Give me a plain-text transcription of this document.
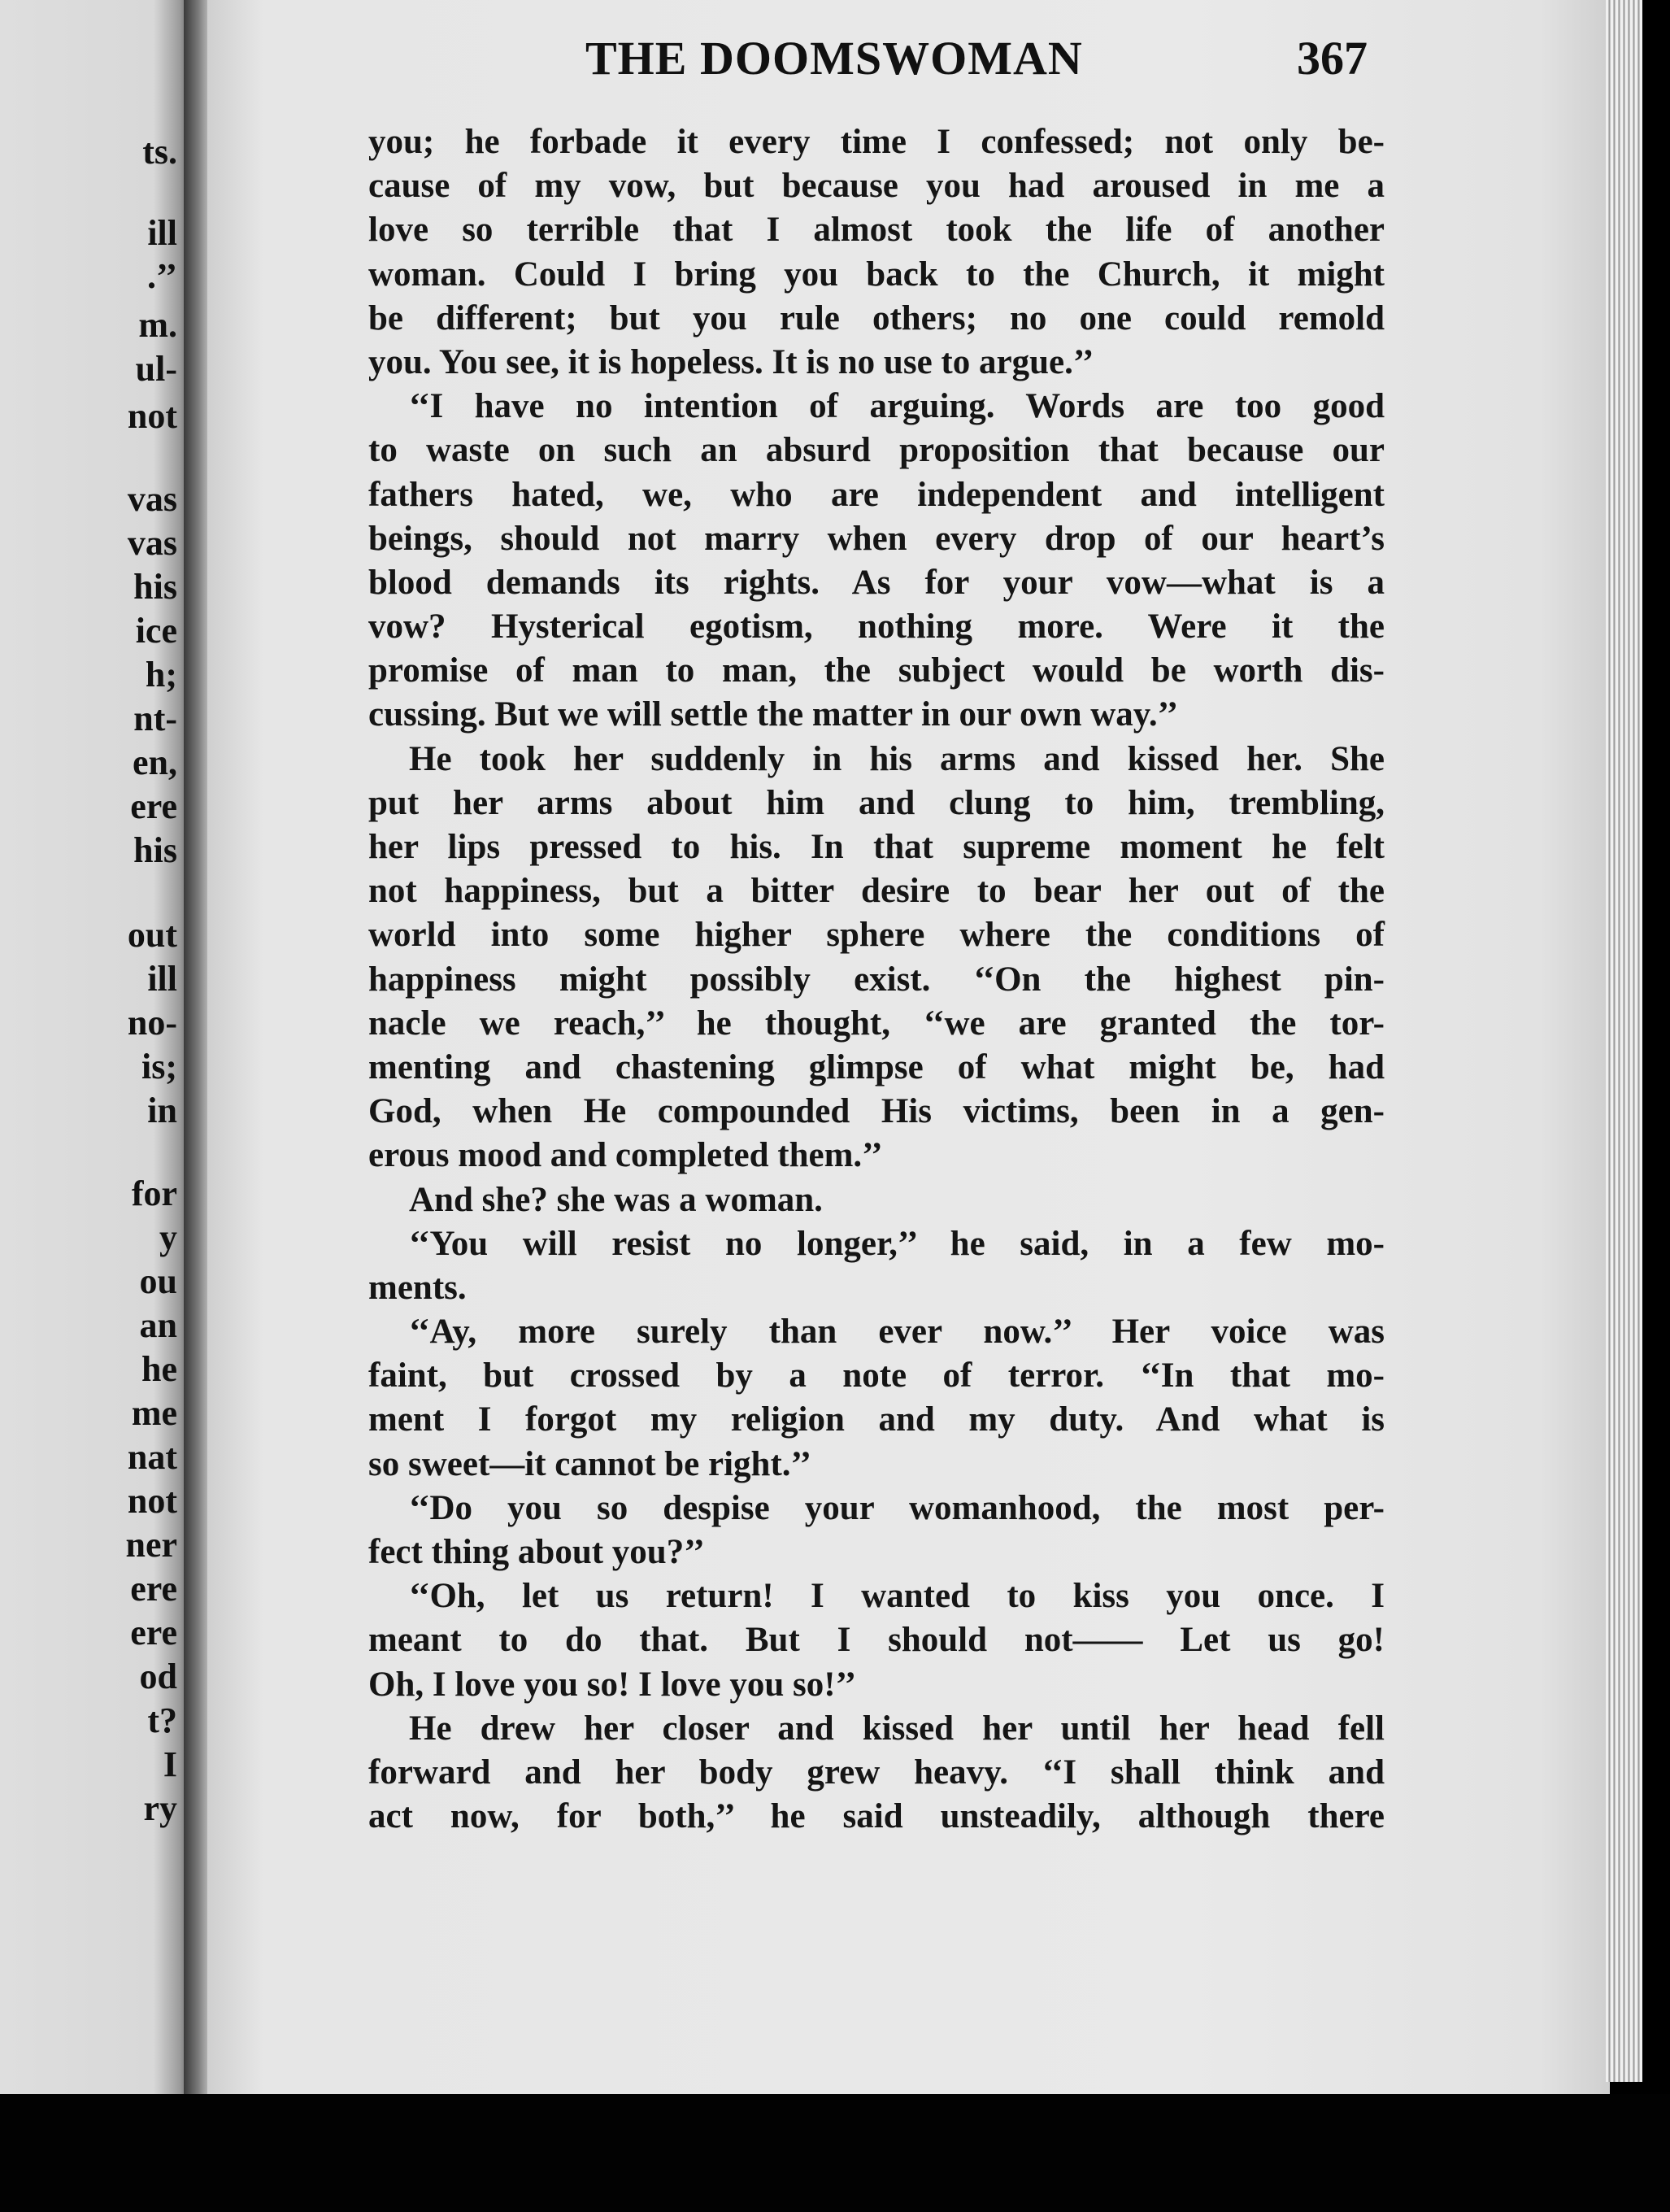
ts.
ill
.’’
m.
ul-
not
vas
vas
his
ice
h;
nt-
en,
ere
his
out
ill
no-
is;
in
for
y
ou
an
he
me
nat
not
ner
ere
ere
od
t?
I
ry
THE DOOMSWOMAN	367
you; he forbade it every time I confessed; not only be-
cause of my vow, but because you had aroused in me a
love so terrible that I almost took the life of another
woman. Could I bring you back to the Church, it might
be different; but you rule others; no one could remold
you. You see, it is hopeless. It is no use to argue.’’
‘‘I have no intention of arguing. Words are too good
to waste on such an absurd proposition that because our
fathers hated, we, who are independent and intelligent
beings, should not marry when every drop of our heart’s
blood demands its rights. As for your vow—what is a
vow? Hysterical egotism, nothing more. Were it the
promise of man to man, the subject would be worth dis-
cussing. But we will settle the matter in our own way.’’
He took her suddenly in his arms and kissed her. She
put her arms about him and clung to him, trembling,
her lips pressed to his. In that supreme moment he felt
not happiness, but a bitter desire to bear her out of the
world into some higher sphere where the conditions of
happiness might possibly exist. ‘‘On the highest pin-
nacle we reach,’’ he thought, ‘‘we are granted the tor-
menting and chastening glimpse of what might be, had
God, when He compounded His victims, been in a gen-
erous mood and completed them.’’
And she? she was a woman.
‘‘You will resist no longer,’’ he said, in a few mo-
ments.
‘‘Ay, more surely than ever now.’’ Her voice was
faint, but crossed by a note of terror. ‘‘In that mo-
ment I forgot my religion and my duty. And what is
so sweet—it cannot be right.’’
‘‘Do you so despise your womanhood, the most per-
fect thing about you?’’
‘‘Oh, let us return! I wanted to kiss you once. I
meant to do that. But I should not—— Let us go!
Oh, I love you so! I love you so!’’
He drew her closer and kissed her until her head fell
forward and her body grew heavy. ‘‘I shall think and
act now, for both,’’ he said unsteadily, although there
